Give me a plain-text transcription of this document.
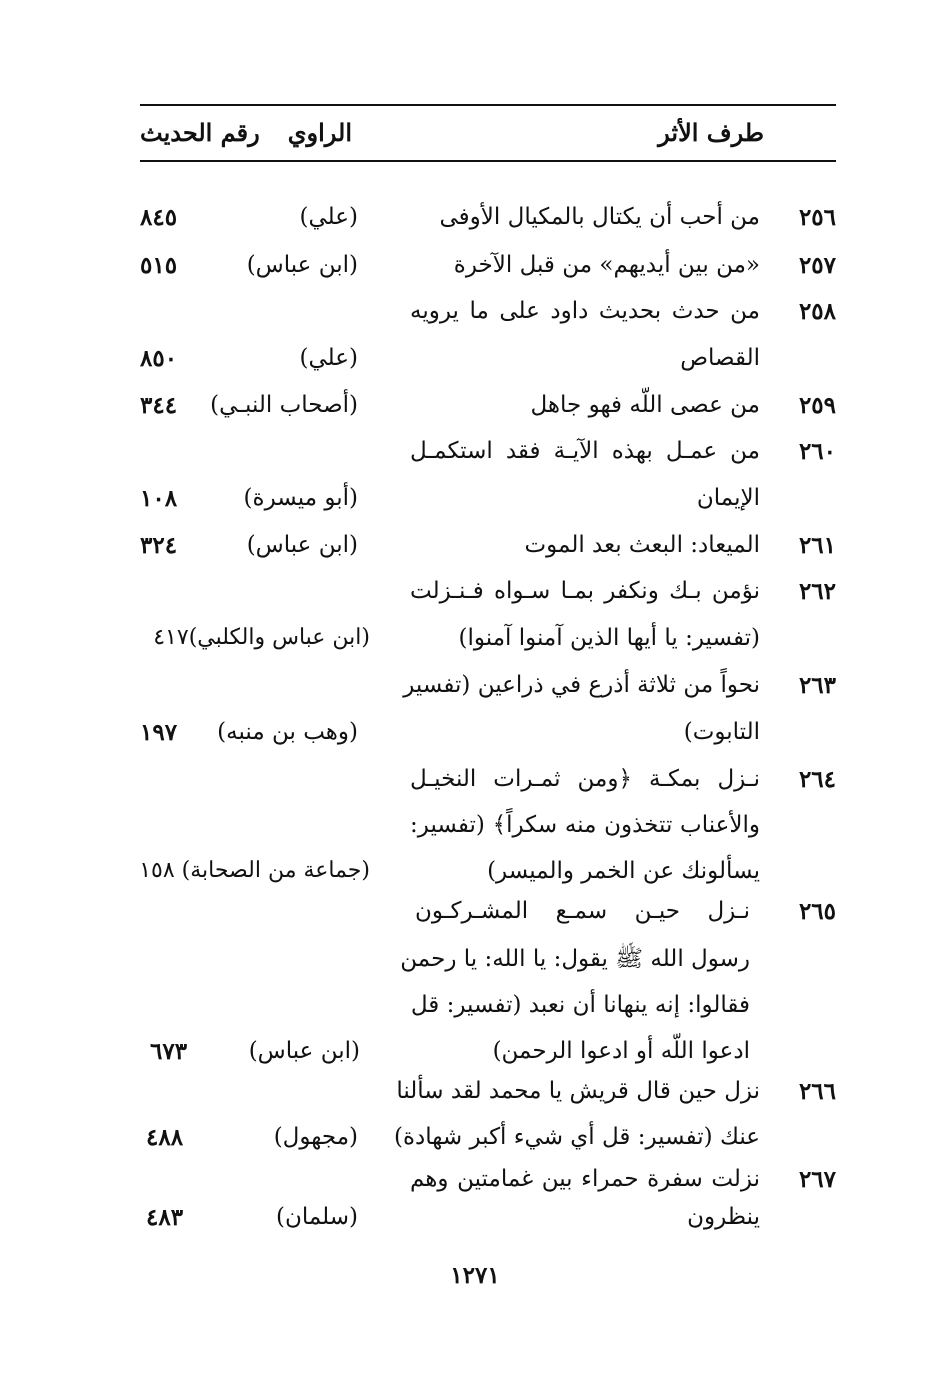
طرف الأثر
الراوي
رقم الحديث
٢٥٦
من أحب أن يكتال بالمكيال الأوفى
(علي)
٨٤٥
٢٥٧
«من بين أيديهم» من قبل الآخرة
(ابن عباس)
٥١٥
٢٥٨
من حدث بحديث داود على ما يرويه
القصاص
(علي)
٨٥٠
٢٥٩
من عصى اللّه فهو جاهل
(أصحاب النبـي)
٣٤٤
٢٦٠
من عمـل بهذه الآيـة فقد استكمـل
الإيمان
(أبو ميسرة)
١٠٨
٢٦١
الميعاد: البعث بعد الموت
(ابن عباس)
٣٢٤
٢٦٢
نؤمن بـك ونكفر بمـا سـواه فـنـزلت
(تفسير: يا أيها الذين آمنوا آمنوا)
(ابن عباس والكلبي)٤١٧
٢٦٣
نحواً من ثلاثة أذرع في ذراعين (تفسير
التابوت)
(وهب بن منبه)
١٩٧
٢٦٤
نـزل بمكـة ﴿ومن ثمـرات النخيـل
والأعناب تتخذون منه سكراً﴾ (تفسير:
يسألونك عن الخمر والميسر)
(جماعة من الصحابة) ١٥٨
٢٦٥
نـزل حيـن سمـع المشـركـون
رسول الله ﷺ يقول: يا الله: يا رحمن
فقالوا: إنه ينهانا أن نعبد (تفسير: قل
ادعوا اللّه أو ادعوا الرحمن)
(ابن عباس)
٦٧٣
٢٦٦
نزل حين قال قريش يا محمد لقد سألنا
عنك (تفسير: قل أي شيء أكبر شهادة)
(مجهول)
٤٨٨
٢٦٧
نزلت سفرة حمراء بين غمامتين وهم
ينظرون
(سلمان)
٤٨٣
١٢٧١
